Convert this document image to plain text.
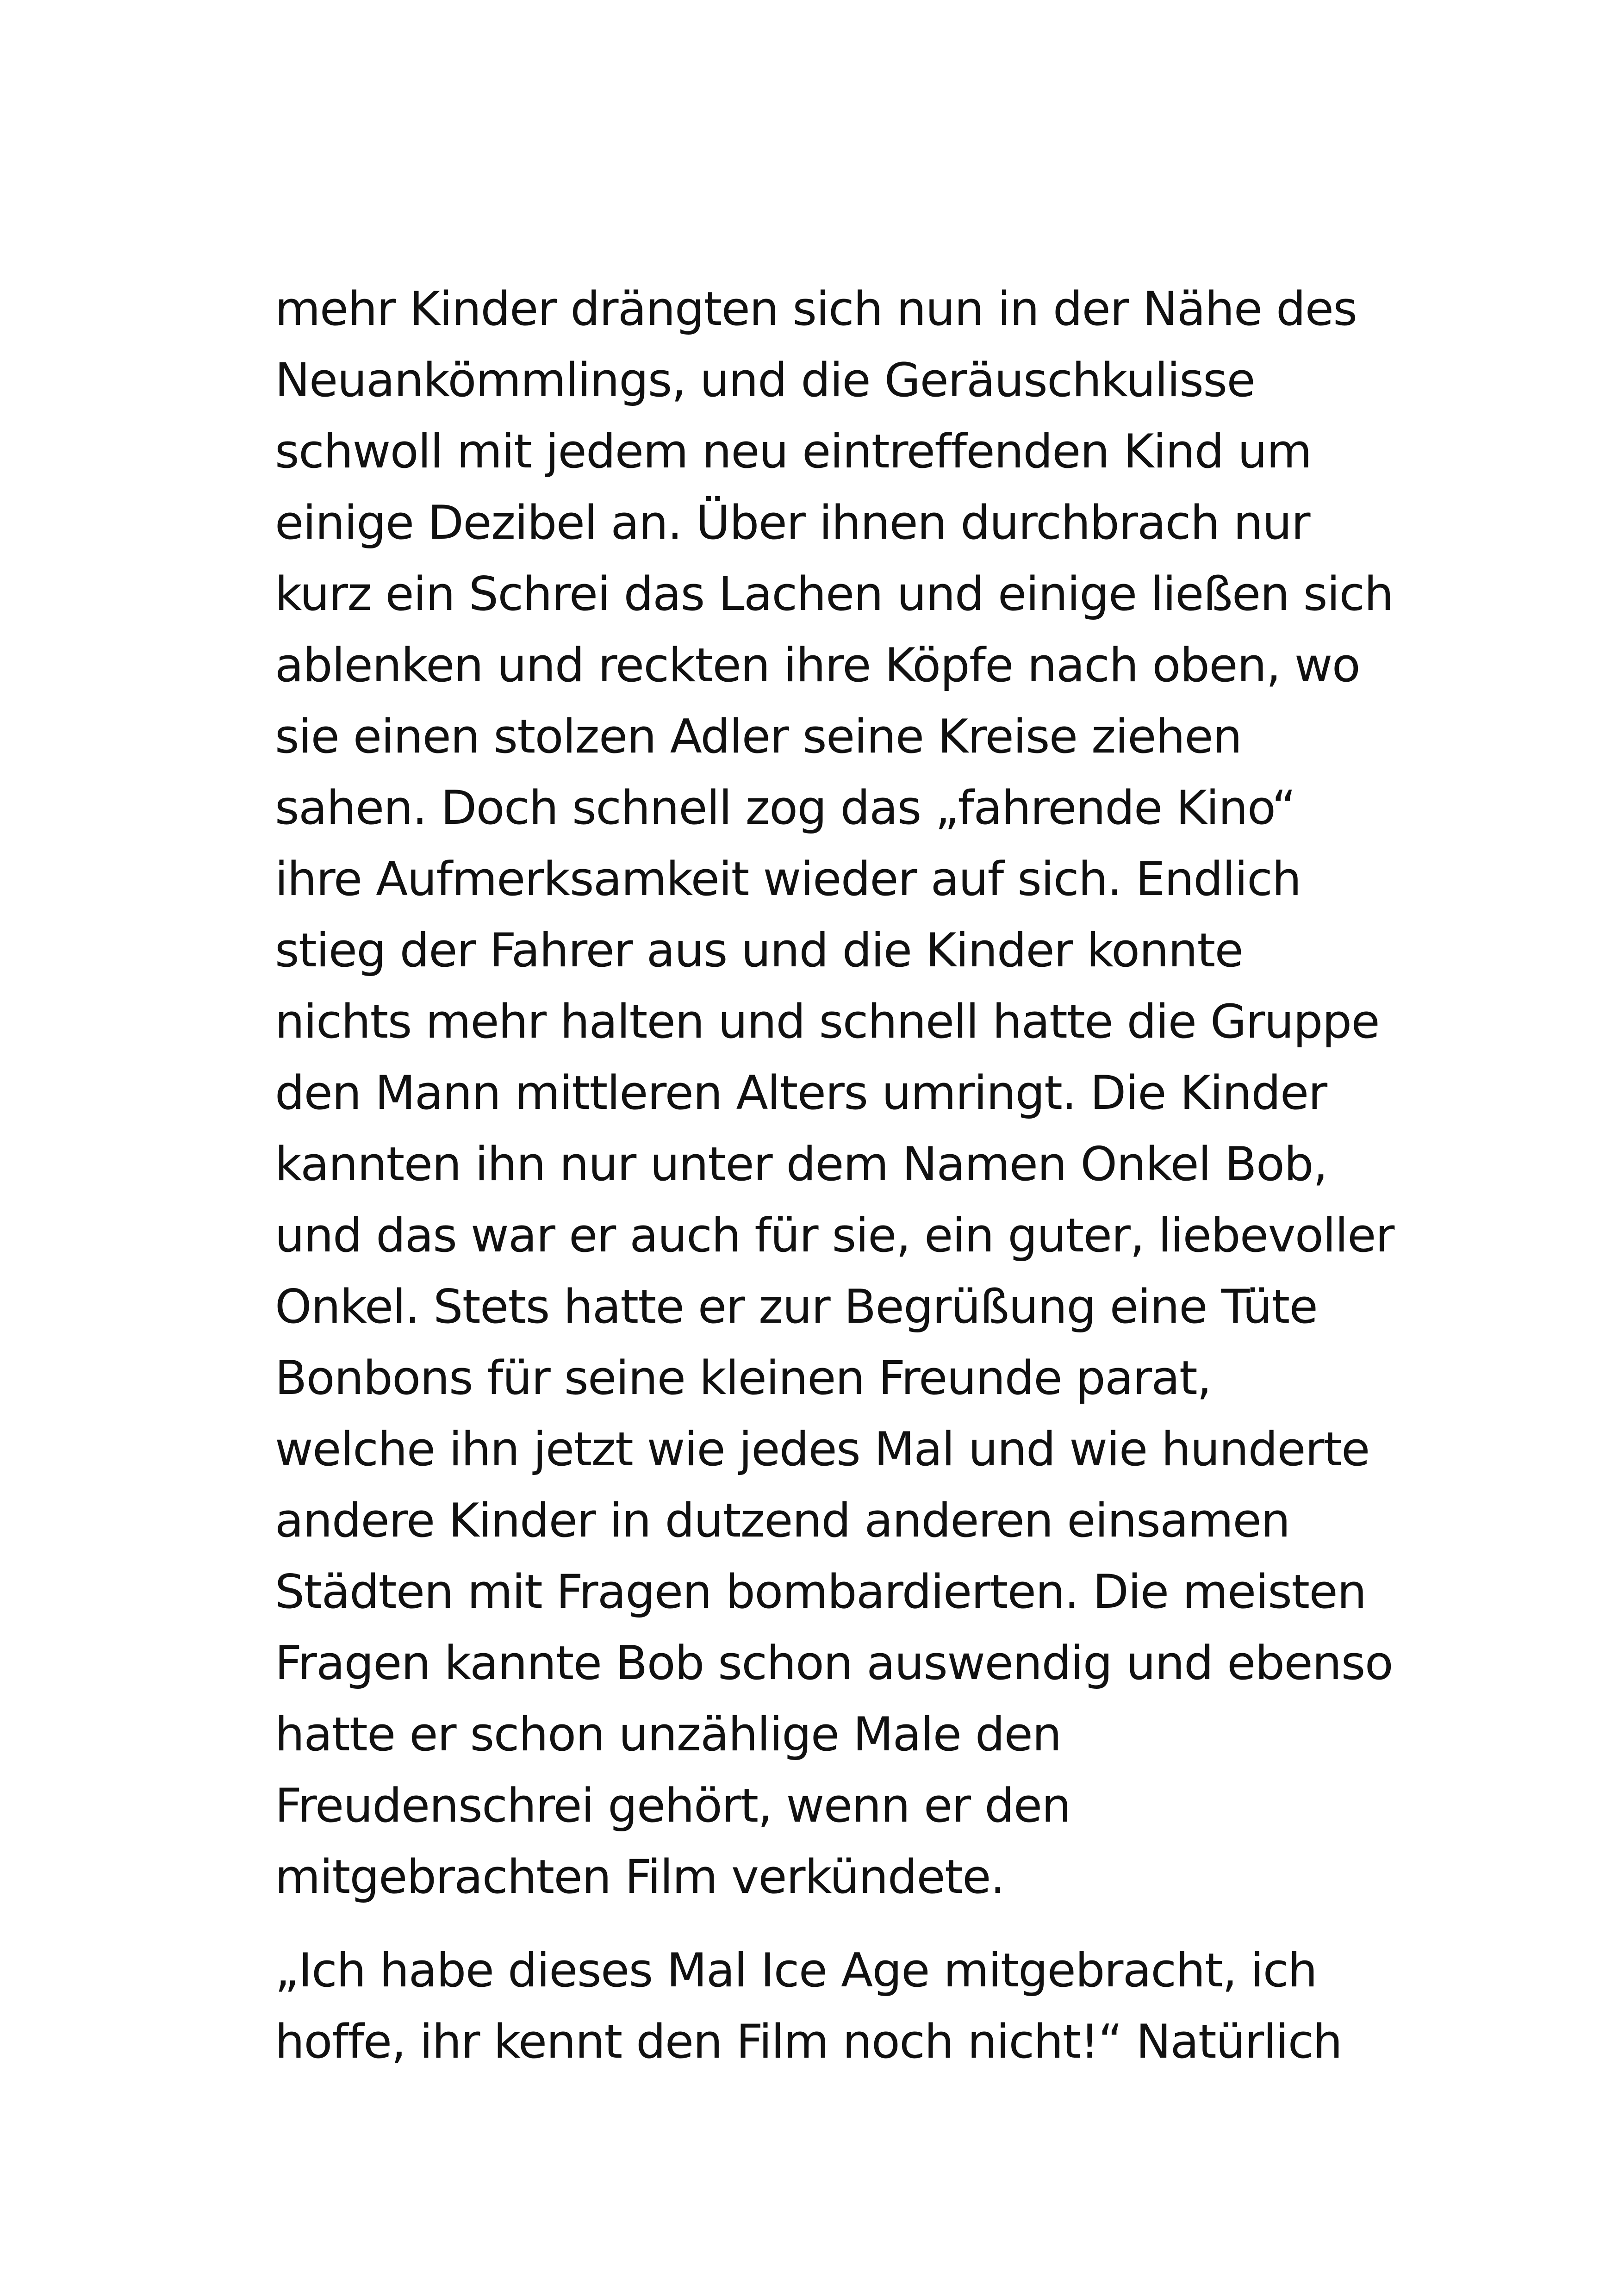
mehr Kinder drängten sich nun in der Nähe des
Neuankömmlings, und die Geräuschkulisse
schwoll mit jedem neu eintreffenden Kind um
einige Dezibel an. Über ihnen durchbrach nur
kurz ein Schrei das Lachen und einige ließen sich
ablenken und reckten ihre Köpfe nach oben, wo
sie einen stolzen Adler seine Kreise ziehen
sahen. Doch schnell zog das „fahrende Kino“
ihre Aufmerksamkeit wieder auf sich. Endlich
stieg der Fahrer aus und die Kinder konnte
nichts mehr halten und schnell hatte die Gruppe
den Mann mittleren Alters umringt. Die Kinder
kannten ihn nur unter dem Namen Onkel Bob,
und das war er auch für sie, ein guter, liebevoller
Onkel. Stets hatte er zur Begrüßung eine Tüte
Bonbons für seine kleinen Freunde parat,
welche ihn jetzt wie jedes Mal und wie hunderte
andere Kinder in dutzend anderen einsamen
Städten mit Fragen bombardierten. Die meisten
Fragen kannte Bob schon auswendig und ebenso
hatte er schon unzählige Male den
Freudenschrei gehört, wenn er den
mitgebrachten Film verkündete.
„Ich habe dieses Mal Ice Age mitgebracht, ich
hoffe, ihr kennt den Film noch nicht!“ Natürlich
